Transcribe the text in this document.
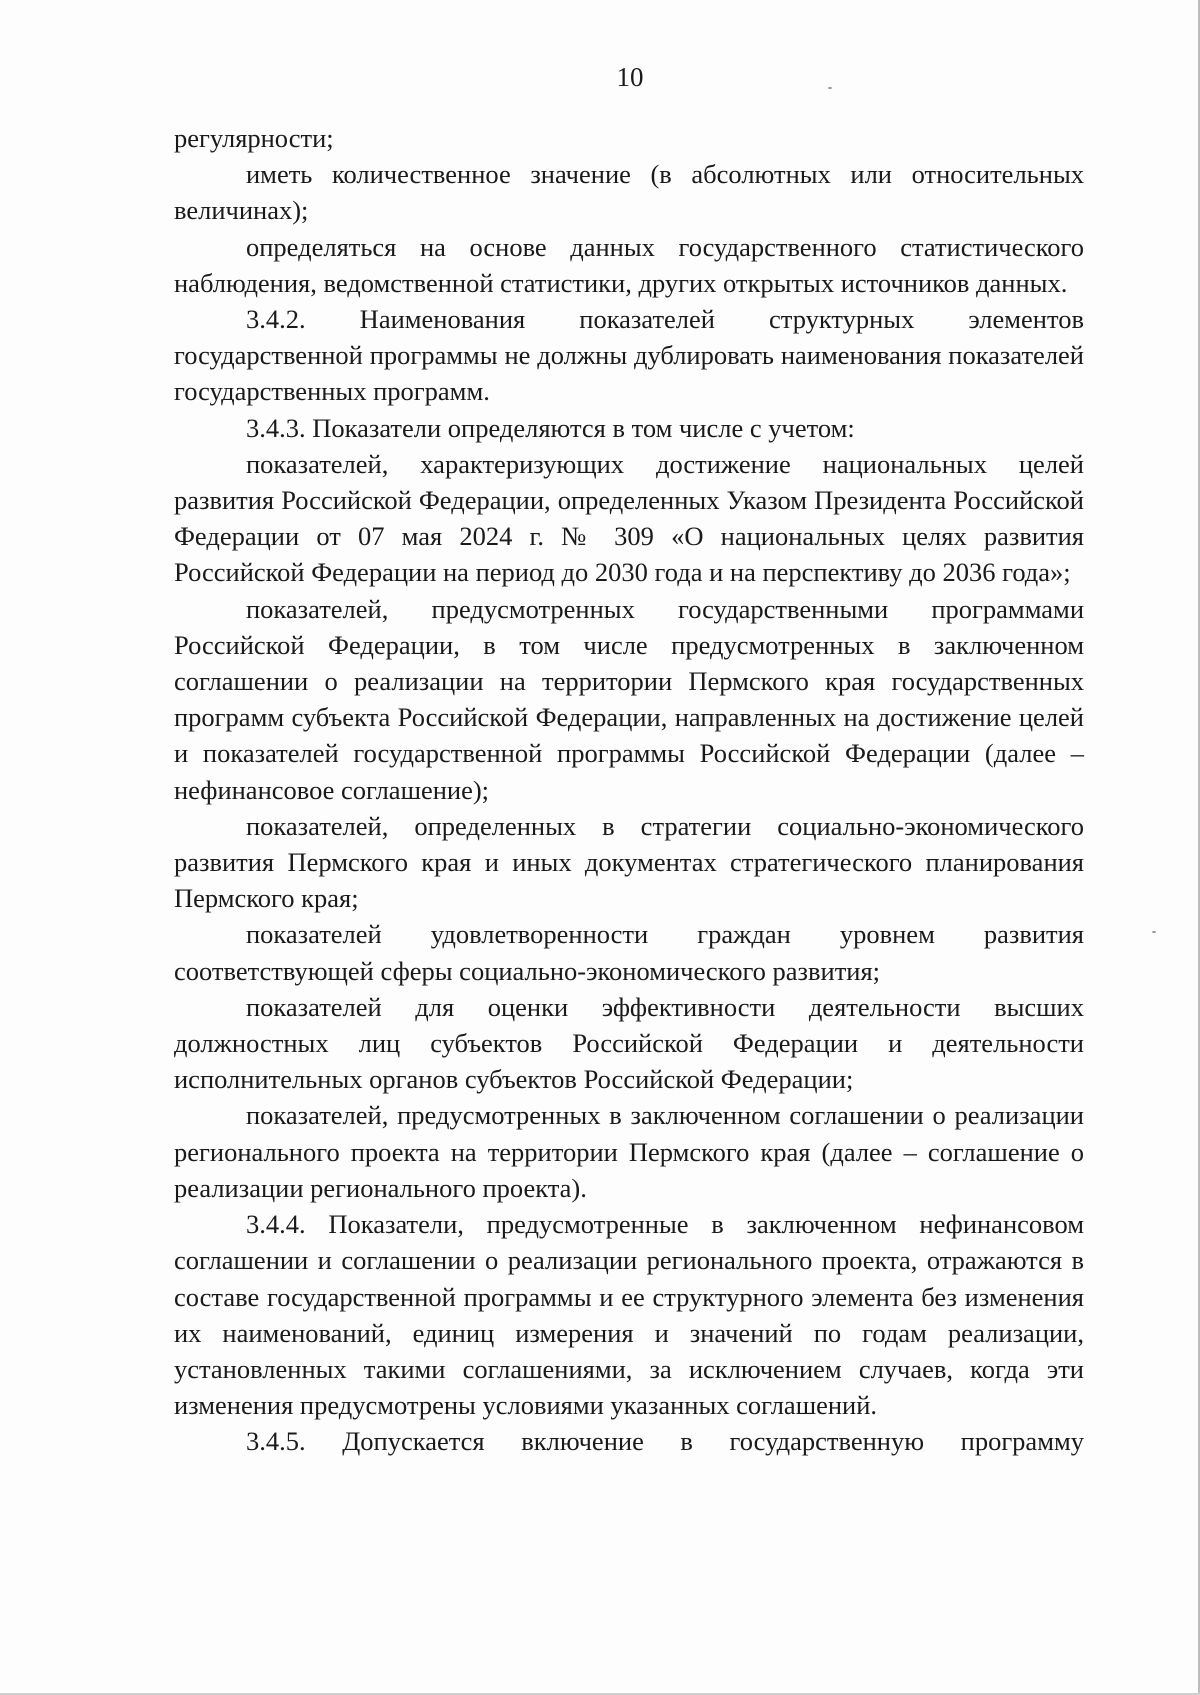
10

регулярности;

иметь количественное значение (в абсолютных или относительных величинах);

определяться на основе данных государственного статистического наблюдения, ведомственной статистики, других открытых источников данных.

3.4.2. Наименования показателей структурных элементов государственной программы не должны дублировать наименования показателей государственных программ.

3.4.3. Показатели определяются в том числе с учетом:

показателей, характеризующих достижение национальных целей развития Российской Федерации, определенных Указом Президента Российской Федерации от 07 мая 2024 г. № 309 «О национальных целях развития Российской Федерации на период до 2030 года и на перспективу до 2036 года»;

показателей, предусмотренных государственными программами Российской Федерации, в том числе предусмотренных в заключенном соглашении о реализации на территории Пермского края государственных программ субъекта Российской Федерации, направленных на достижение целей и показателей государственной программы Российской Федерации (далее – нефинансовое соглашение);

показателей, определенных в стратегии социально-экономического развития Пермского края и иных документах стратегического планирования Пермского края;

показателей удовлетворенности граждан уровнем развития соответствующей сферы социально-экономического развития;

показателей для оценки эффективности деятельности высших должностных лиц субъектов Российской Федерации и деятельности исполнительных органов субъектов Российской Федерации;

показателей, предусмотренных в заключенном соглашении о реализации регионального проекта на территории Пермского края (далее – соглашение о реализации регионального проекта).

3.4.4. Показатели, предусмотренные в заключенном нефинансовом соглашении и соглашении о реализации регионального проекта, отражаются в составе государственной программы и ее структурного элемента без изменения их наименований, единиц измерения и значений по годам реализации, установленных такими соглашениями, за исключением случаев, когда эти изменения предусмотрены условиями указанных соглашений.

3.4.5. Допускается включение в государственную программу
